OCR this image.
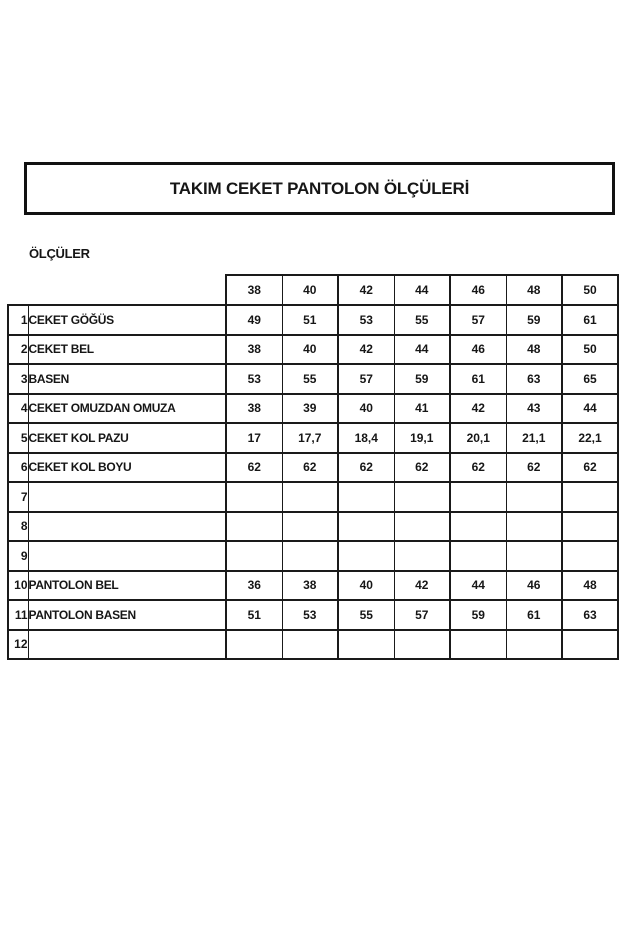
TAKIM CEKET PANTOLON ÖLÇÜLERİ
ÖLÇÜLER
		38	40	42	44	46	48	50
1	CEKET GÖĞÜS	49	51	53	55	57	59	61
2	CEKET BEL	38	40	42	44	46	48	50
3	BASEN	53	55	57	59	61	63	65
4	CEKET OMUZDAN OMUZA	38	39	40	41	42	43	44
5	CEKET KOL PAZU	17	17,7	18,4	19,1	20,1	21,1	22,1
6	CEKET KOL BOYU	62	62	62	62	62	62	62
7								
8								
9								
10	PANTOLON BEL	36	38	40	42	44	46	48
11	PANTOLON BASEN	51	53	55	57	59	61	63
12								
